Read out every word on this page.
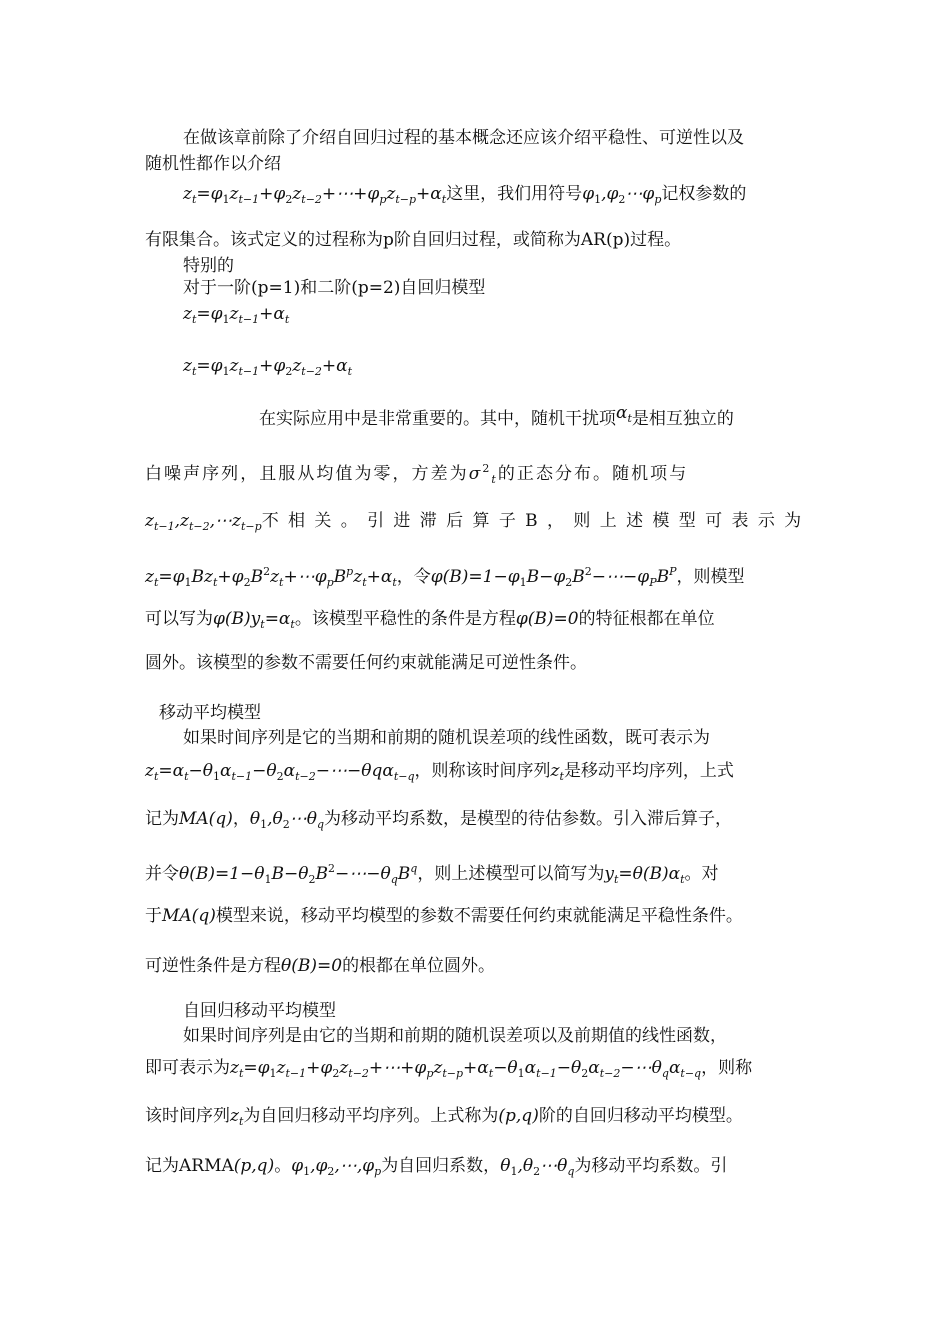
在做该章前除了介绍自回归过程的基本概念还应该介绍平稳性、可逆性以及
随机性都作以介绍
$z_t=\varphi_1z_{t-1}+\varphi_2z_{t-2}+\cdots+\varphi_pz_{t-p}+\alpha_t$这里，我们用符号$\varphi_1,\varphi_2\cdots\varphi_p$记权参数的
有限集合。该式定义的过程称为p阶自回归过程，或简称为AR(p)过程。
特别的
对于一阶(p=1)和二阶(p=2)自回归模型
$z_t=\varphi_1z_{t-1}+\alpha_t$
$z_t=\varphi_1z_{t-1}+\varphi_2z_{t-2}+\alpha_t$
在实际应用中是非常重要的。其中，随机干扰项$\alpha_t$是相互独立的
白噪声序列，且服从均值为零，方差为$\sigma^2_t$的正态分布。随机项与
$z_{t-1},z_{t-2},\cdots z_{t-p}$不相关。引进滞后算子B，则上述模型可表示为
$z_t=\varphi_1Bz_t+\varphi_2B^2z_t+\cdots\varphi_pB^pz_t+\alpha_t$，令$\varphi(B)=1-\varphi_1B-\varphi_2B^2-\cdots-\varphi_PB^P$，则模型
可以写为$\varphi(B)y_t=\alpha_t$。该模型平稳性的条件是方程φ(B)=0的特征根都在单位
圆外。该模型的参数不需要任何约束就能满足可逆性条件。
移动平均模型
如果时间序列是它的当期和前期的随机误差项的线性函数，既可表示为
$z_t=\alpha_t-\theta_1\alpha_{t-1}-\theta_2\alpha_{t-2}-\cdots-\theta q\alpha_{t-q}$，则称该时间序列$z_t$是移动平均序列，上式
记为MA(q)，$\theta_1,\theta_2\cdots\theta_q$为移动平均系数，是模型的待估参数。引入滞后算子，
并令$\theta(B)=1-\theta_1B-\theta_2B^2-\cdots-\theta_qB^q$，则上述模型可以简写为$y_t=\theta(B)\alpha_t$。对
于MA(q)模型来说，移动平均模型的参数不需要任何约束就能满足平稳性条件。
可逆性条件是方程θ(B)=0的根都在单位圆外。
自回归移动平均模型
如果时间序列是由它的当期和前期的随机误差项以及前期值的线性函数，
即可表示为$z_t=\varphi_1z_{t-1}+\varphi_2z_{t-2}+\cdots+\varphi_pz_{t-p}+\alpha_t-\theta_1\alpha_{t-1}-\theta_2\alpha_{t-2}-\cdots\theta_q\alpha_{t-q}$，则称
该时间序列$z_t$为自回归移动平均序列。上式称为(p,q)阶的自回归移动平均模型。
记为ARMA(p,q)。$\varphi_1,\varphi_2,\cdots,\varphi_p$为自回归系数，$\theta_1,\theta_2\cdots\theta_q$为移动平均系数。引
